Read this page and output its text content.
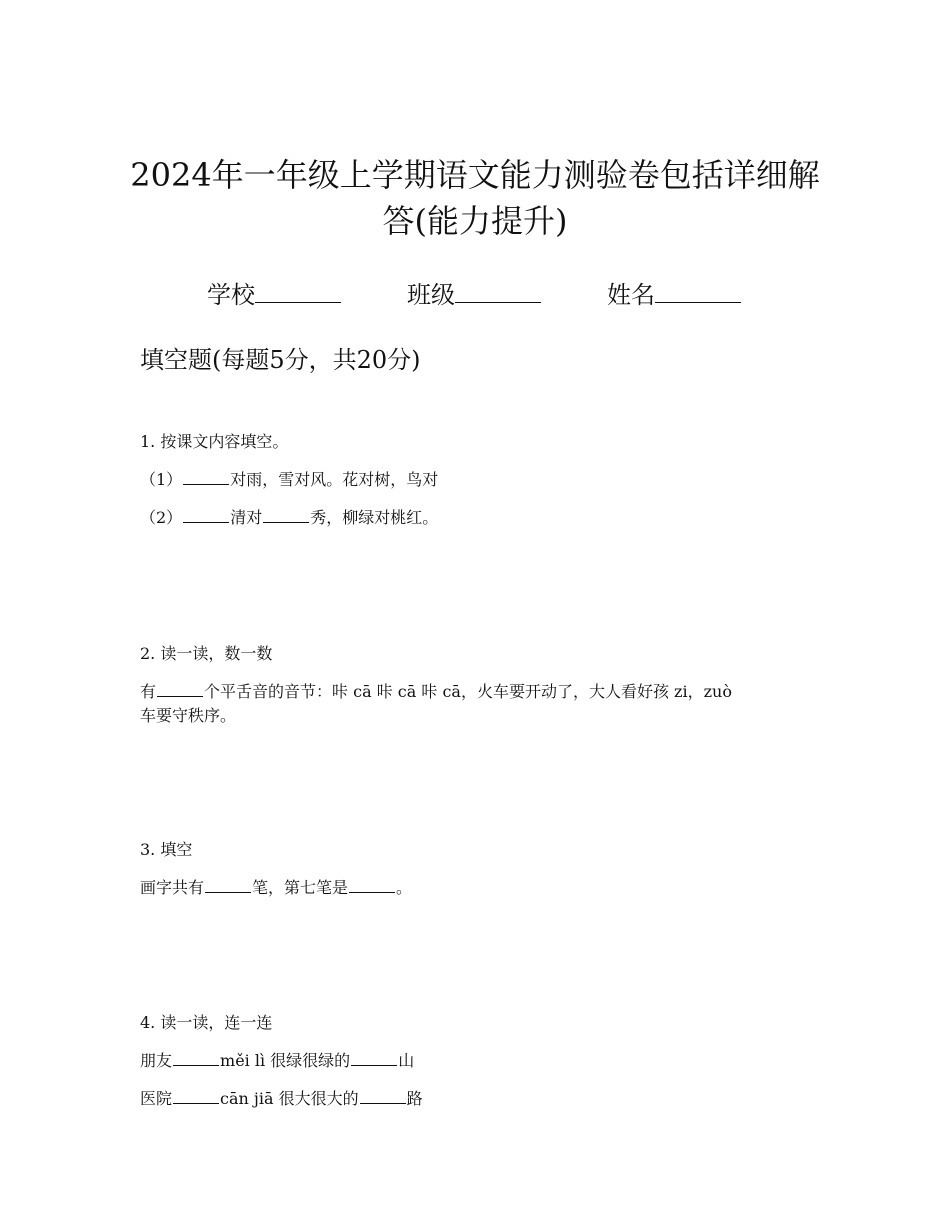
2024年一年级上学期语文能力测验卷包括详细解
答(能力提升)
学校	班级	姓名
填空题(每题5分，共20分)

1. 按课文内容填空。

（1）	对雨，雪对风。花对树，鸟对

（2）	清对	秀，柳绿对桃红。

2. 读一读，数一数

有	个平舌音的音节：咔 cā 咔 cā 咔 cā，火车要开动了，大人看好孩 zi，zuò

车要守秩序。

3. 填空

画字共有	笔，第七笔是	。

4. 读一读，连一连

朋友	měi lì 很绿很绿的	山

医院	cān jiā 很大很大的	路
